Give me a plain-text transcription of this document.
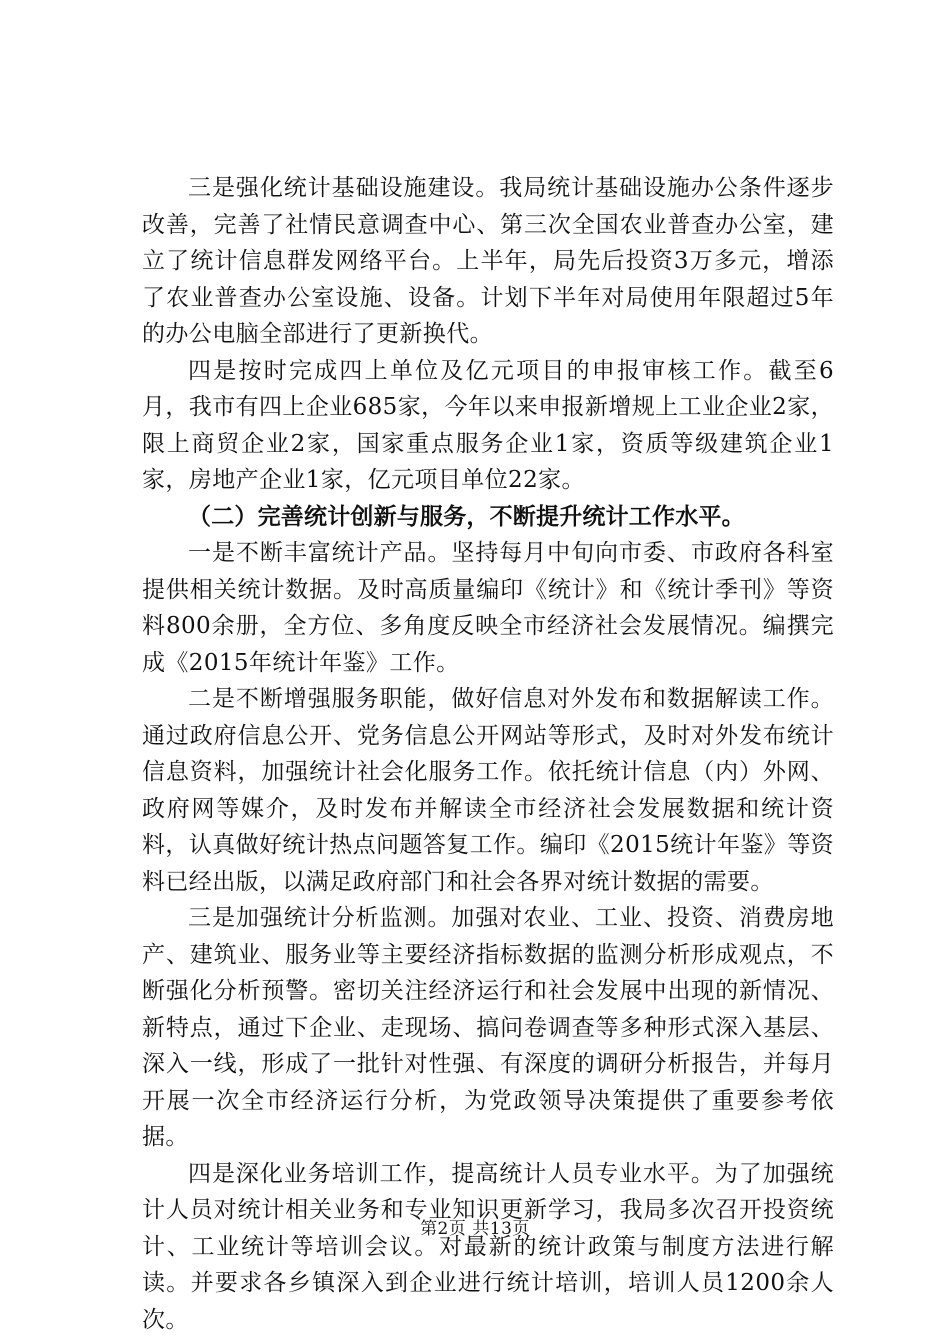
三是强化统计基础设施建设。我局统计基础设施办公条件逐步改善，完善了社情民意调查中心、第三次全国农业普查办公室，建立了统计信息群发网络平台。上半年，局先后投资3万多元，增添了农业普查办公室设施、设备。计划下半年对局使用年限超过5年的办公电脑全部进行了更新换代。

四是按时完成四上单位及亿元项目的申报审核工作。截至6月，我市有四上企业685家，今年以来申报新增规上工业企业2家，限上商贸企业2家，国家重点服务企业1家，资质等级建筑企业1家，房地产企业1家，亿元项目单位22家。

（二）完善统计创新与服务，不断提升统计工作水平。

一是不断丰富统计产品。坚持每月中旬向市委、市政府各科室提供相关统计数据。及时高质量编印《统计》和《统计季刊》等资料800余册，全方位、多角度反映全市经济社会发展情况。编撰完成《2015年统计年鉴》工作。

二是不断增强服务职能，做好信息对外发布和数据解读工作。通过政府信息公开、党务信息公开网站等形式，及时对外发布统计信息资料，加强统计社会化服务工作。依托统计信息（内）外网、政府网等媒介，及时发布并解读全市经济社会发展数据和统计资料，认真做好统计热点问题答复工作。编印《2015统计年鉴》等资料已经出版，以满足政府部门和社会各界对统计数据的需要。

三是加强统计分析监测。加强对农业、工业、投资、消费房地产、建筑业、服务业等主要经济指标数据的监测分析形成观点，不断强化分析预警。密切关注经济运行和社会发展中出现的新情况、新特点，通过下企业、走现场、搞问卷调查等多种形式深入基层、深入一线，形成了一批针对性强、有深度的调研分析报告，并每月开展一次全市经济运行分析，为党政领导决策提供了重要参考依据。

四是深化业务培训工作，提高统计人员专业水平。为了加强统计人员对统计相关业务和专业知识更新学习，我局多次召开投资统计、工业统计等培训会议。对最新的统计政策与制度方法进行解读。并要求各乡镇深入到企业进行统计培训，培训人员1200余人次。

第2页 共13页
